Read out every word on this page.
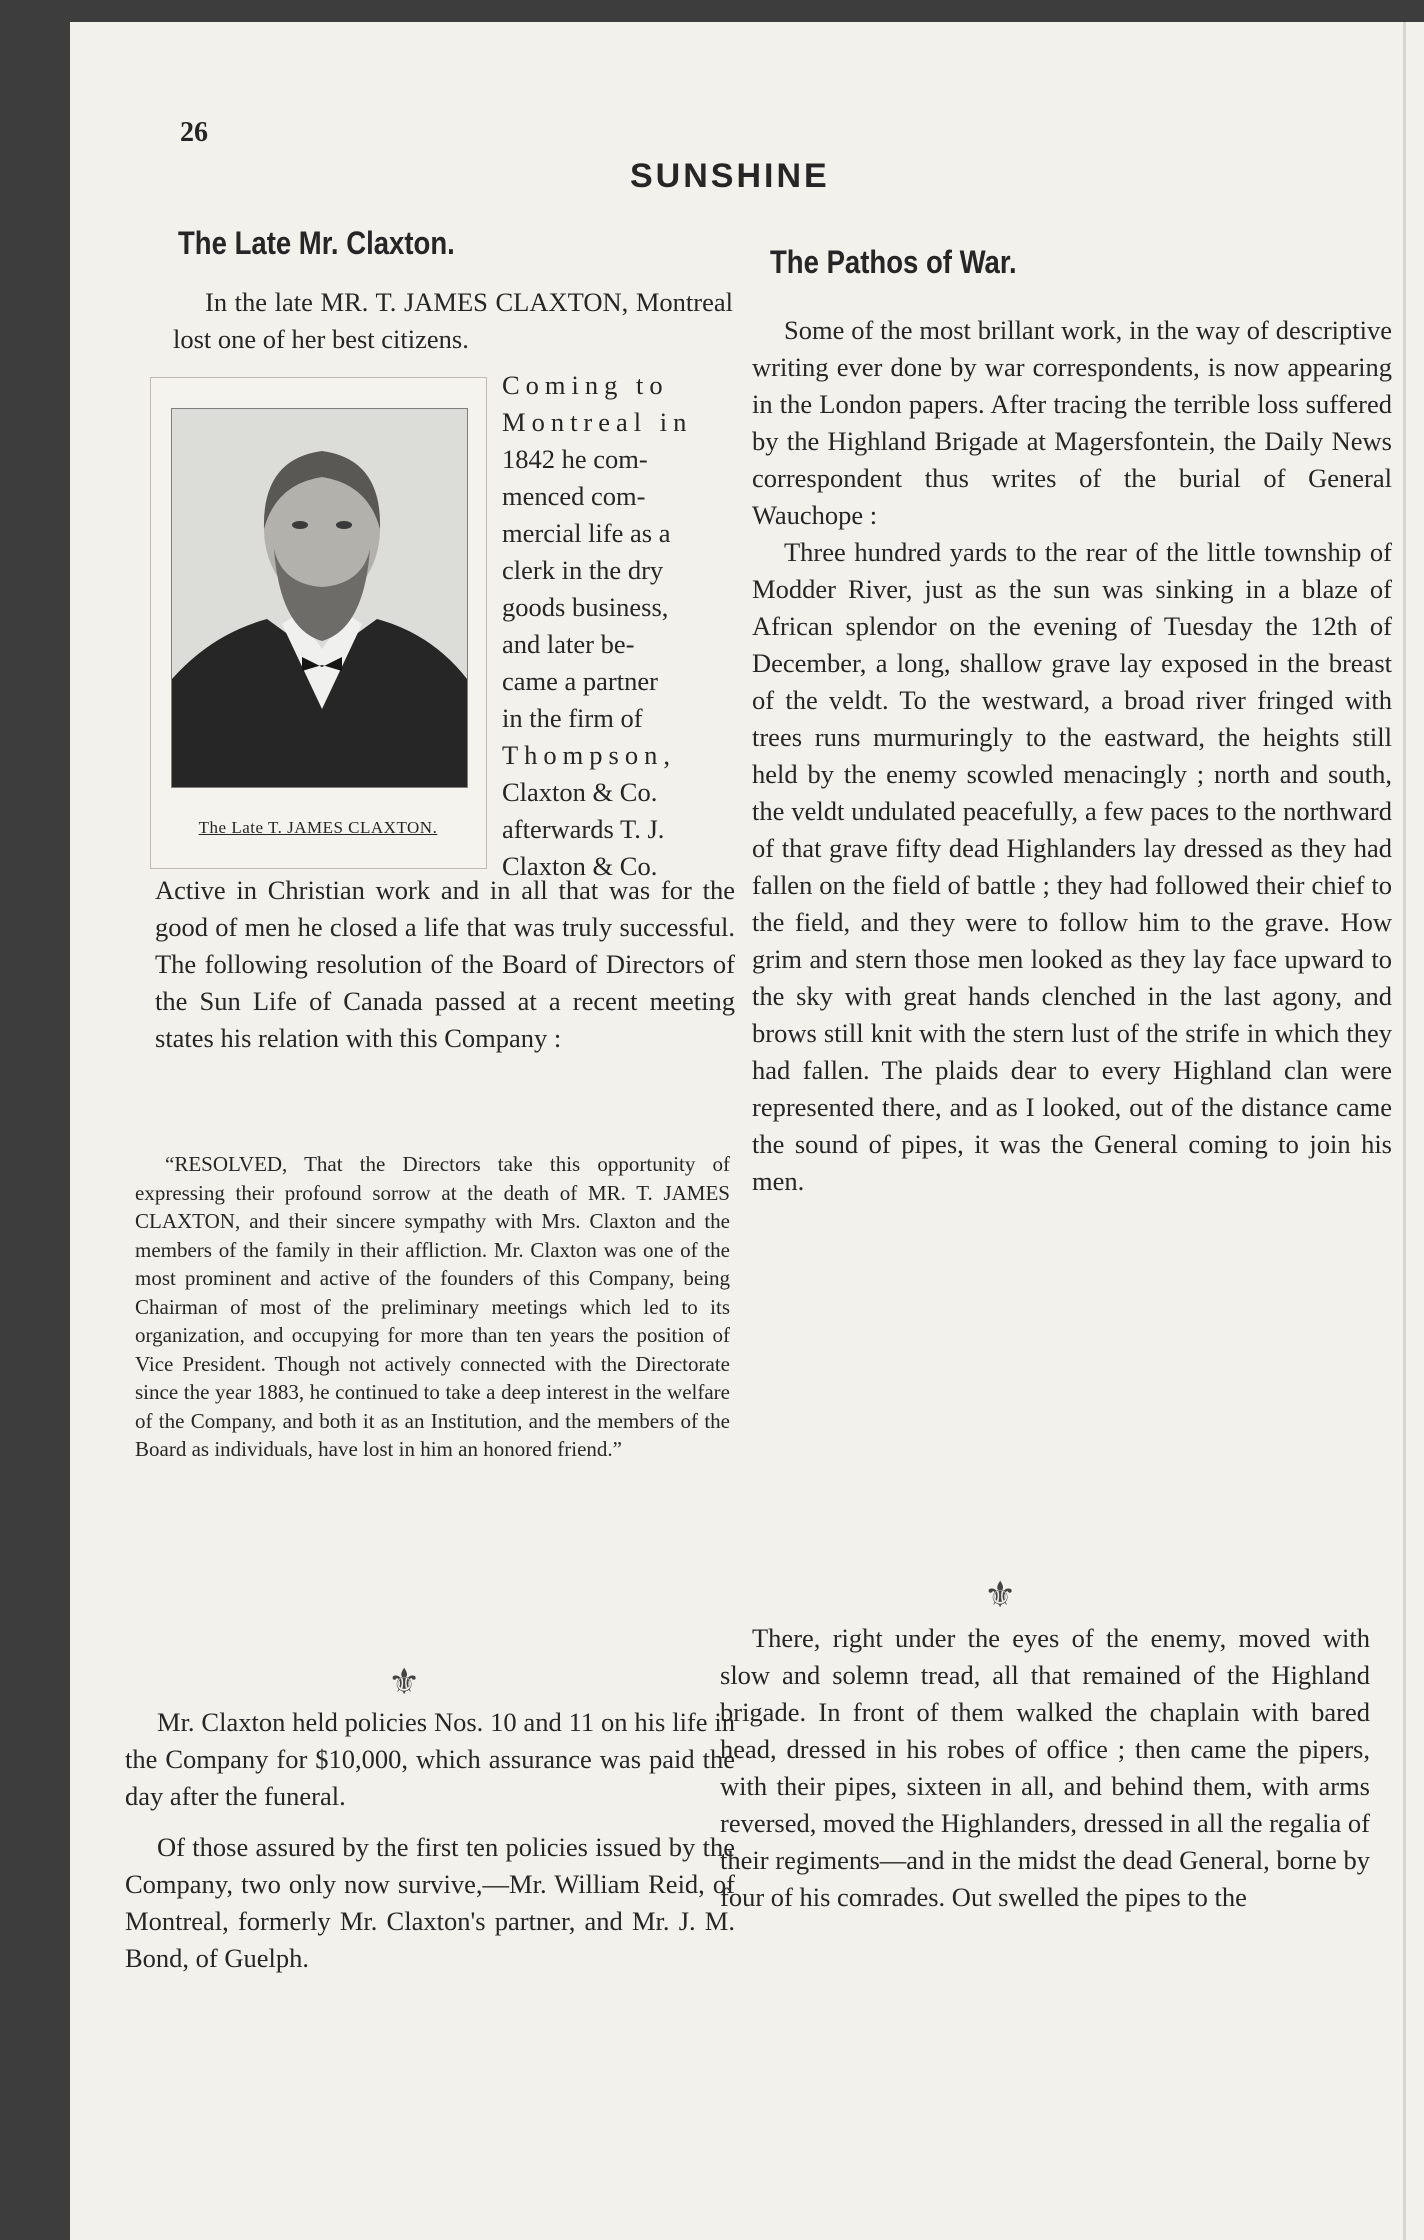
26
SUNSHINE
The Late Mr. Claxton.

In the late MR. T. JAMES CLAXTON, Montreal lost one of her best citizens.

The Late T. JAMES CLAXTON.
Coming to
Montreal in
1842 he com-
menced com-
mercial life as a
clerk in the dry
goods business,
and later be-
came a partner
in the firm of
Thompson,
Claxton & Co.
afterwards T. J.
Claxton & Co.

Active in Christian work and in all that was for the good of men he closed a life that was truly successful. The following resolution of the Board of Directors of the Sun Life of Canada passed at a recent meeting states his relation with this Company :

“RESOLVED, That the Directors take this opportunity of expressing their profound sorrow at the death of MR. T. JAMES CLAXTON, and their sincere sympathy with Mrs. Claxton and the members of the family in their affliction. Mr. Claxton was one of the most prominent and active of the founders of this Company, being Chairman of most of the preliminary meetings which led to its organization, and occupying for more than ten years the position of Vice President. Though not actively connected with the Directorate since the year 1883, he continued to take a deep interest in the welfare of the Company, and both it as an Institution, and the members of the Board as individuals, have lost in him an honored friend.”
⚜

Mr. Claxton held policies Nos. 10 and 11 on his life in the Company for $10,000, which assurance was paid the day after the funeral.

Of those assured by the first ten policies issued by the Company, two only now survive,—Mr. William Reid, of Montreal, formerly Mr. Claxton's partner, and Mr. J. M. Bond, of Guelph.

The Pathos of War.

Some of the most brillant work, in the way of descriptive writing ever done by war correspondents, is now appearing in the London papers. After tracing the terrible loss suffered by the Highland Brigade at Magersfontein, the Daily News correspondent thus writes of the burial of General Wauchope :

Three hundred yards to the rear of the little township of Modder River, just as the sun was sinking in a blaze of African splendor on the evening of Tuesday the 12th of December, a long, shallow grave lay exposed in the breast of the veldt. To the westward, a broad river fringed with trees runs murmuringly to the eastward, the heights still held by the enemy scowled menacingly ; north and south, the veldt undulated peacefully, a few paces to the northward of that grave fifty dead Highlanders lay dressed as they had fallen on the field of battle ; they had followed their chief to the field, and they were to follow him to the grave. How grim and stern those men looked as they lay face upward to the sky with great hands clenched in the last agony, and brows still knit with the stern lust of the strife in which they had fallen. The plaids dear to every Highland clan were represented there, and as I looked, out of the distance came the sound of pipes, it was the General coming to join his men.

⚜

There, right under the eyes of the enemy, moved with slow and solemn tread, all that remained of the Highland brigade. In front of them walked the chaplain with bared head, dressed in his robes of office ; then came the pipers, with their pipes, sixteen in all, and behind them, with arms reversed, moved the Highlanders, dressed in all the regalia of their regiments—and in the midst the dead General, borne by four of his comrades. Out swelled the pipes to the
